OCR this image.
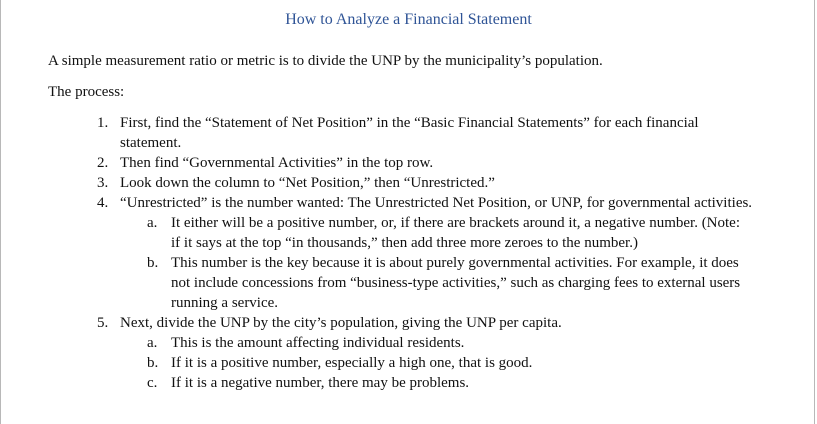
How to Analyze a Financial Statement
A simple measurement ratio or metric is to divide the UNP by the municipality’s population.
The process:
1. First, find the “Statement of Net Position” in the “Basic Financial Statements” for each financial statement.
2. Then find “Governmental Activities” in the top row.
3. Look down the column to “Net Position,” then “Unrestricted.”
4. “Unrestricted” is the number wanted: The Unrestricted Net Position, or UNP, for governmental activities.
a. It either will be a positive number, or, if there are brackets around it, a negative number. (Note: if it says at the top “in thousands,” then add three more zeroes to the number.)
b. This number is the key because it is about purely governmental activities. For example, it does not include concessions from “business-type activities,” such as charging fees to external users running a service.
5. Next, divide the UNP by the city’s population, giving the UNP per capita.
a. This is the amount affecting individual residents.
b. If it is a positive number, especially a high one, that is good.
c. If it is a negative number, there may be problems.
